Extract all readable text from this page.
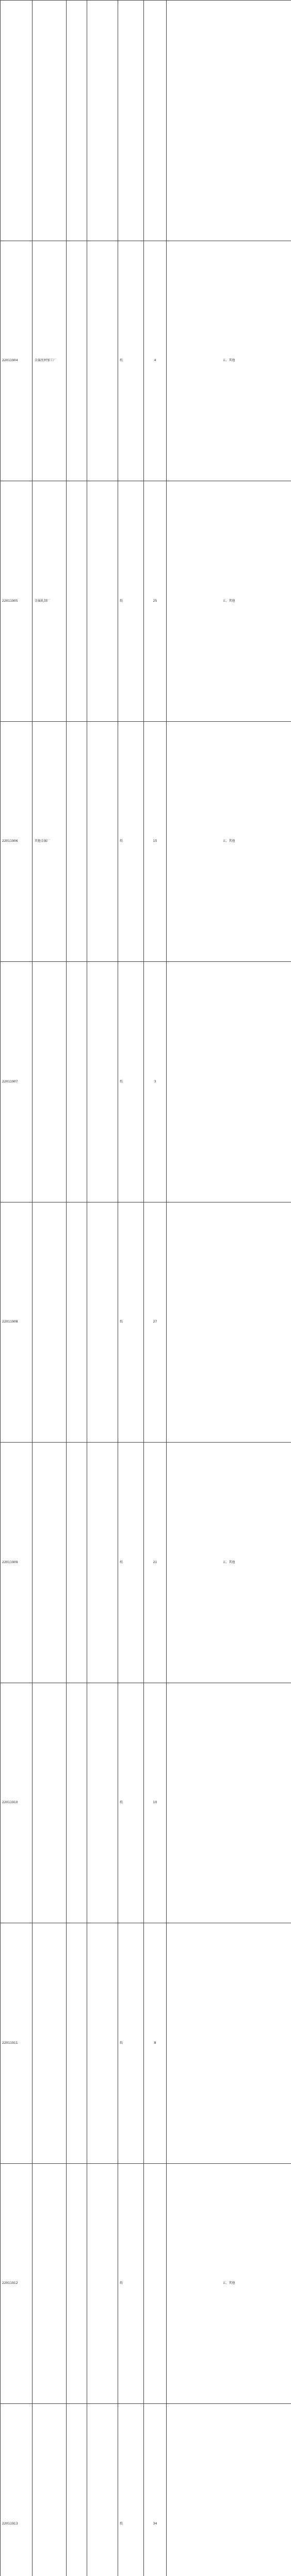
22011904	金属丝材加工厂			纸	4	五、其他
22011905	金属轧制厂			纸	25	五、其他
22011906	其他金属厂			纸	15	五、其他
22011907				纸	3	
22011908				纸	27	
22011909				纸	21	五、其他
22011910				纸	10	
22011911				纸	8	
22011912				纸		五、其他
22011913				纸	34	
